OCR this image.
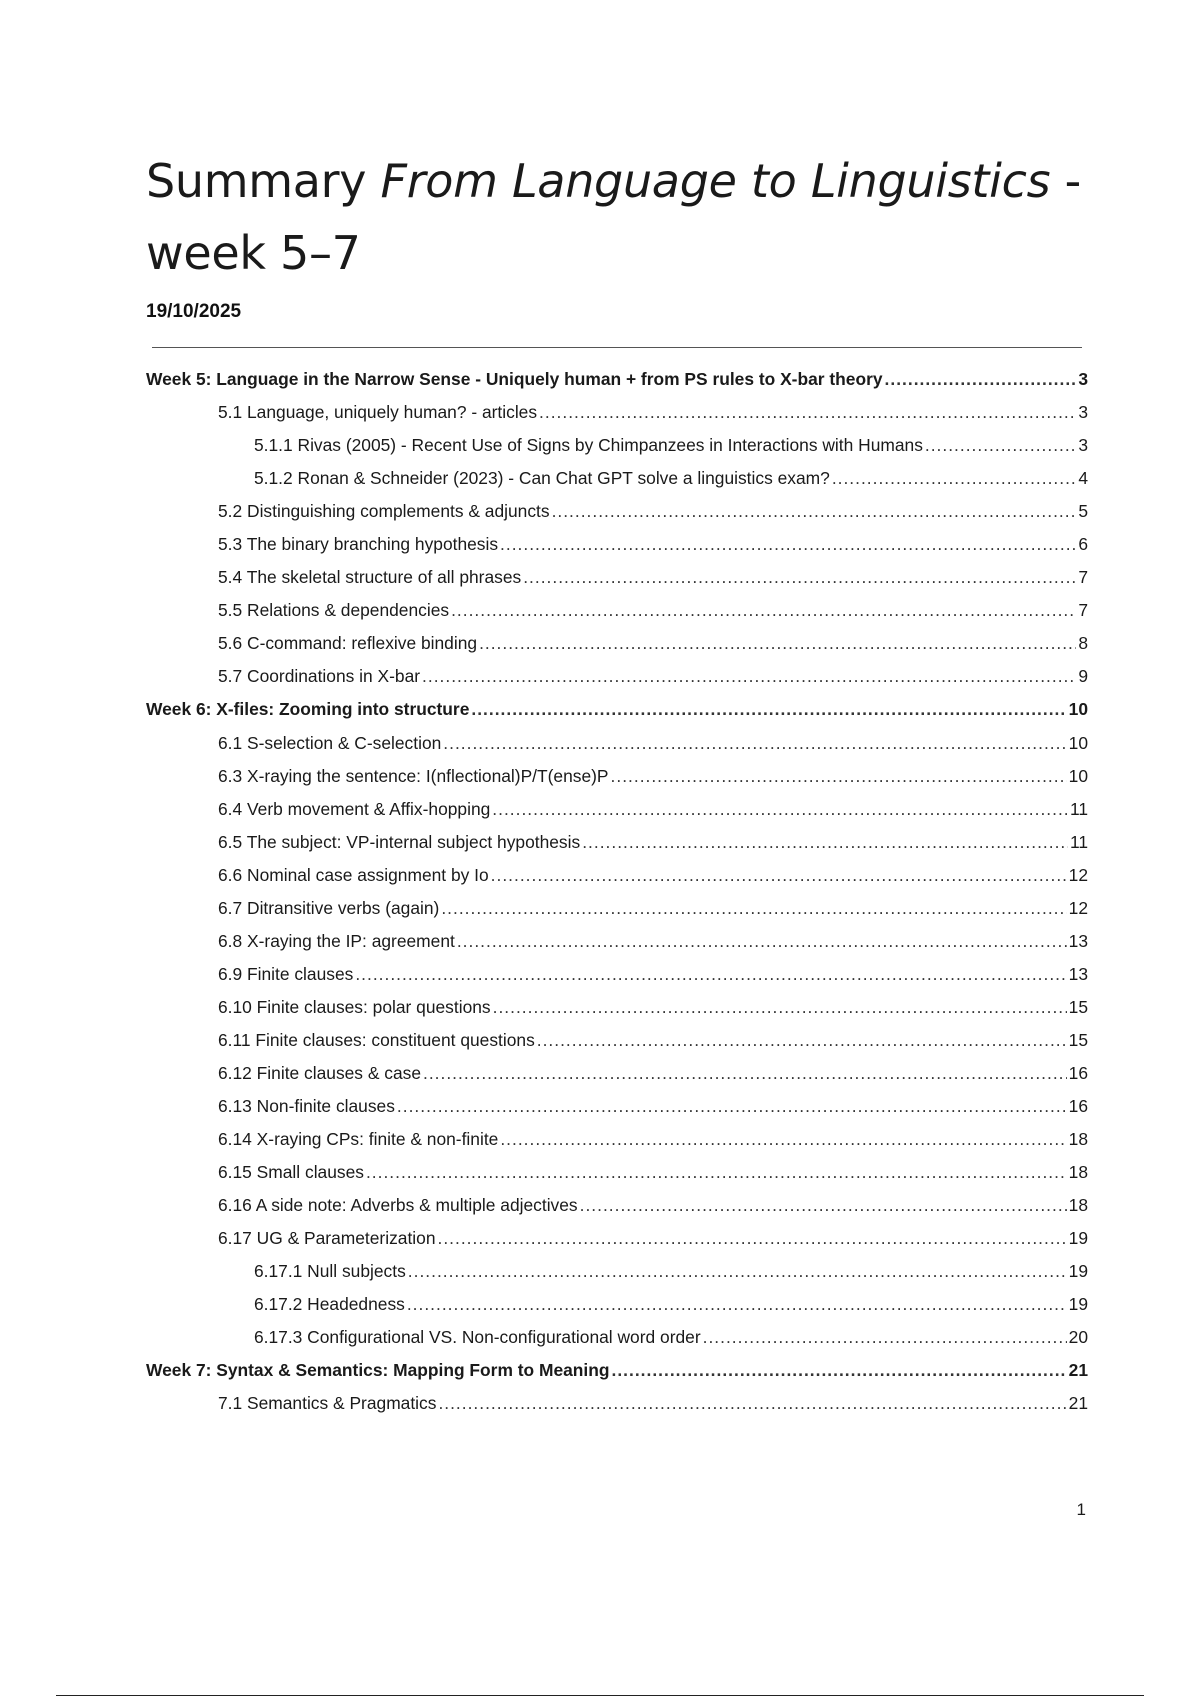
Summary From Language to Linguistics - week 5–7
19/10/2025
Week 5: Language in the Narrow Sense - Uniquely human + from PS rules to X-bar theory .....	3
5.1 Language, uniquely human? - articles .....	3
5.1.1 Rivas (2005) - Recent Use of Signs by Chimpanzees in Interactions with Humans .....	3
5.1.2 Ronan & Schneider (2023) - Can Chat GPT solve a linguistics exam? .....	4
5.2 Distinguishing complements & adjuncts .....	5
5.3 The binary branching hypothesis .....	6
5.4 The skeletal structure of all phrases .....	7
5.5 Relations & dependencies .....	7
5.6 C-command: reflexive binding .....	8
5.7 Coordinations in X-bar .....	9
Week 6: X-files: Zooming into structure .....	10
6.1 S-selection & C-selection .....	10
6.3 X-raying the sentence: I(nflectional)P/T(ense)P .....	10
6.4 Verb movement & Affix-hopping .....	11
6.5 The subject: VP-internal subject hypothesis .....	11
6.6 Nominal case assignment by Io .....	12
6.7 Ditransitive verbs (again) .....	12
6.8 X-raying the IP: agreement .....	13
6.9 Finite clauses .....	13
6.10 Finite clauses: polar questions .....	15
6.11 Finite clauses: constituent questions .....	15
6.12 Finite clauses & case .....	16
6.13 Non-finite clauses .....	16
6.14 X-raying CPs: finite & non-finite .....	18
6.15 Small clauses .....	18
6.16 A side note: Adverbs & multiple adjectives .....	18
6.17 UG & Parameterization .....	19
6.17.1 Null subjects .....	19
6.17.2 Headedness .....	19
6.17.3 Configurational VS. Non-configurational word order .....	20
Week 7: Syntax & Semantics: Mapping Form to Meaning .....	21
7.1 Semantics & Pragmatics .....	21
1
